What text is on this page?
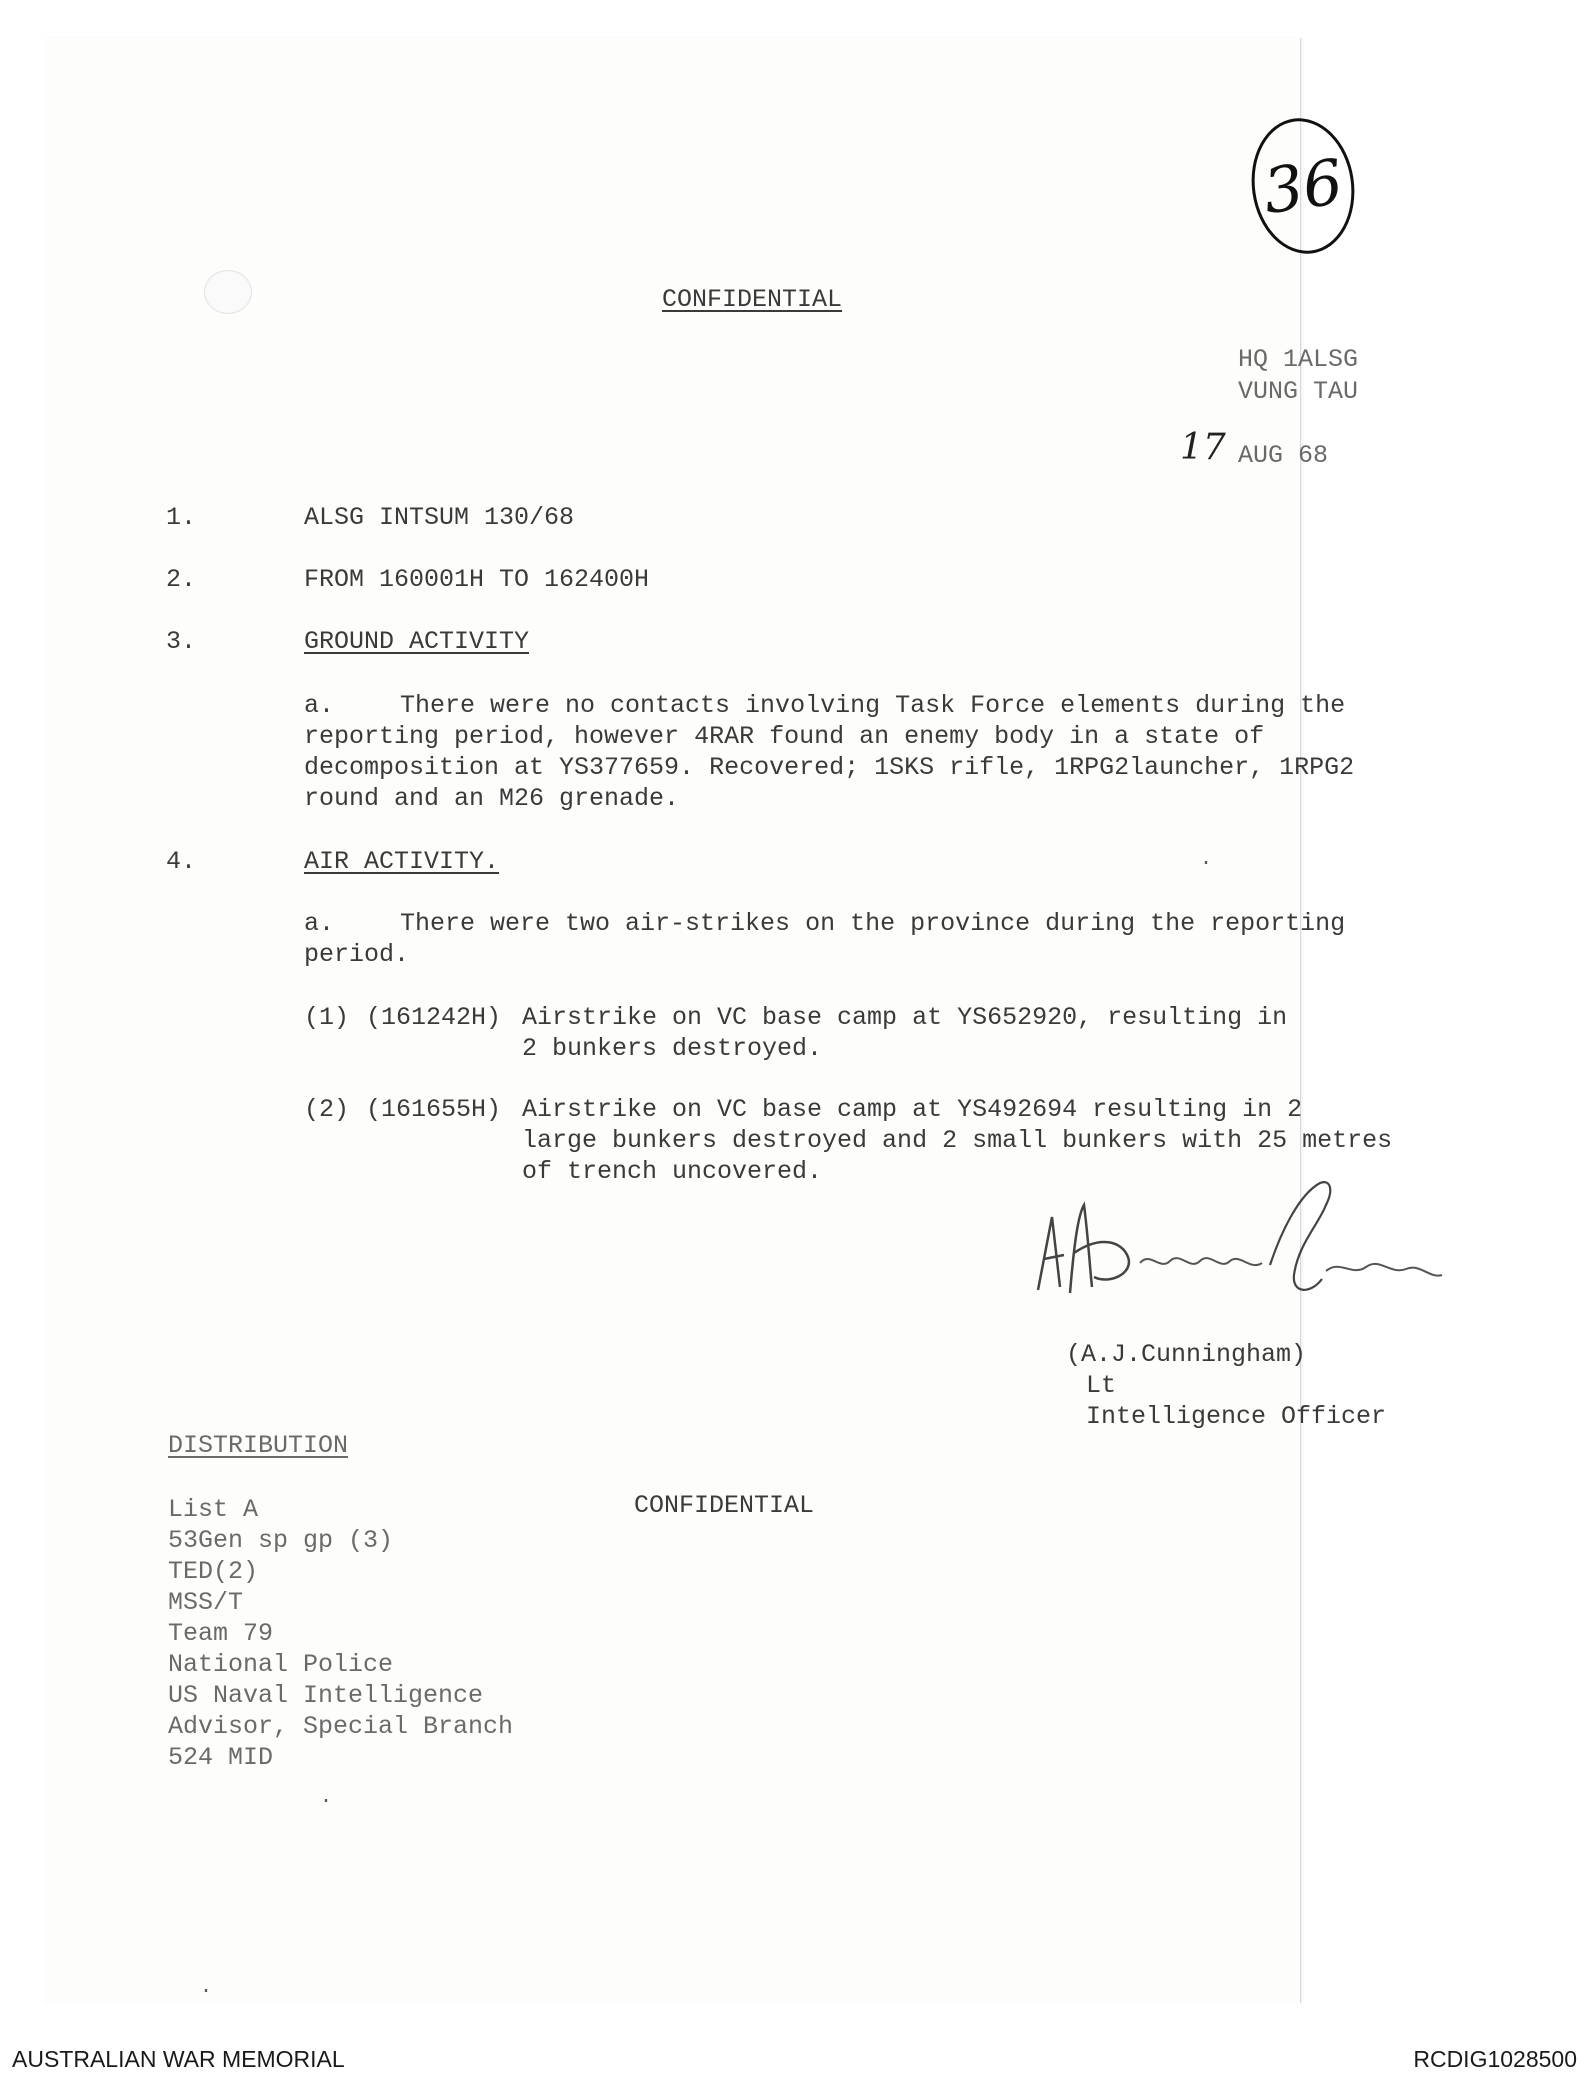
36
CONFIDENTIAL
HQ 1ALSG
VUNG TAU
17 AUG 68
1.	ALSG INTSUM 130/68
2.	FROM 160001H TO 162400H
3.	GROUND ACTIVITY
a.	There were no contacts involving Task Force elements during the
reporting period, however 4RAR found an enemy body in a state of
decomposition at YS377659. Recovered; 1SKS rifle, 1RPG2launcher, 1RPG2
round and an M26 grenade.
4.	AIR ACTIVITY.
a.	There were two air-strikes on the province during the reporting
period.
(1) (161242H) Airstrike on VC base camp at YS652920, resulting in
2 bunkers destroyed.
(2) (161655H) Airstrike on VC base camp at YS492694 resulting in 2
large bunkers destroyed and 2 small bunkers with 25 metres
of trench uncovered.
(A.J.Cunningham)
Lt
Intelligence Officer
DISTRIBUTION
List A
53Gen sp gp (3)
TED(2)
MSS/T
Team 79
National Police
US Naval Intelligence
Advisor, Special Branch
524 MID
CONFIDENTIAL
·
·
·
AUSTRALIAN WAR MEMORIAL	RCDIG1028500
